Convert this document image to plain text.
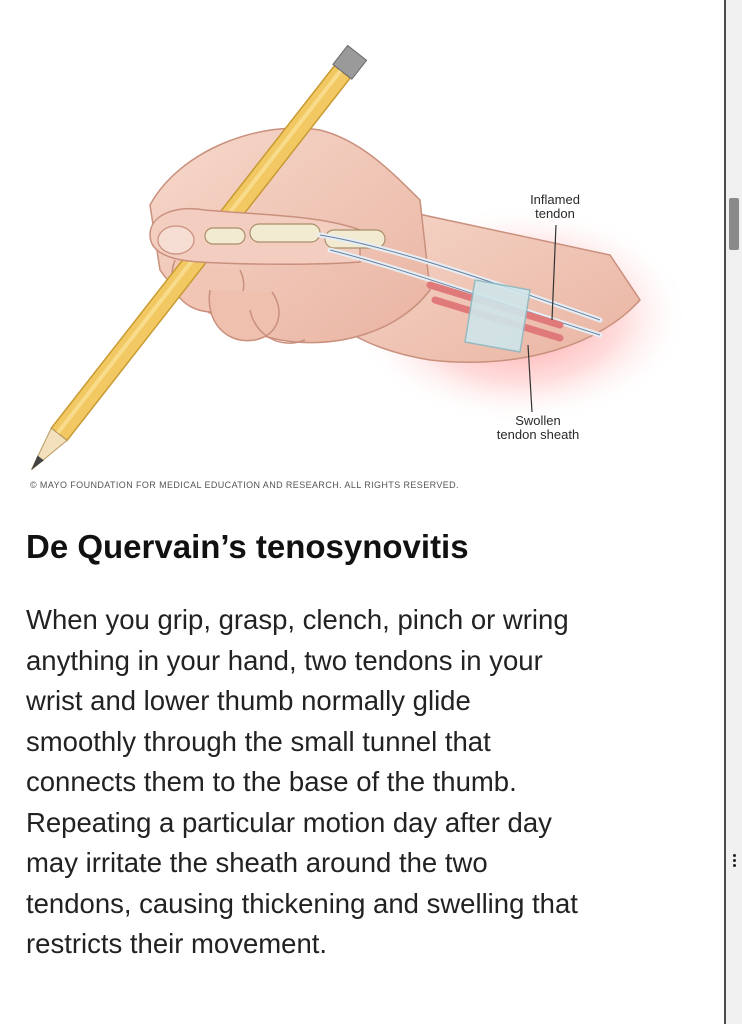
Inflamed
tendon
Swollen
tendon sheath
© MAYO FOUNDATION FOR MEDICAL EDUCATION AND RESEARCH. ALL RIGHTS RESERVED.
De Quervain’s tenosynovitis
When you grip, grasp, clench, pinch or wring
anything in your hand, two tendons in your
wrist and lower thumb normally glide
smoothly through the small tunnel that
connects them to the base of the thumb.
Repeating a particular motion day after day
may irritate the sheath around the two
tendons, causing thickening and swelling that
restricts their movement.
